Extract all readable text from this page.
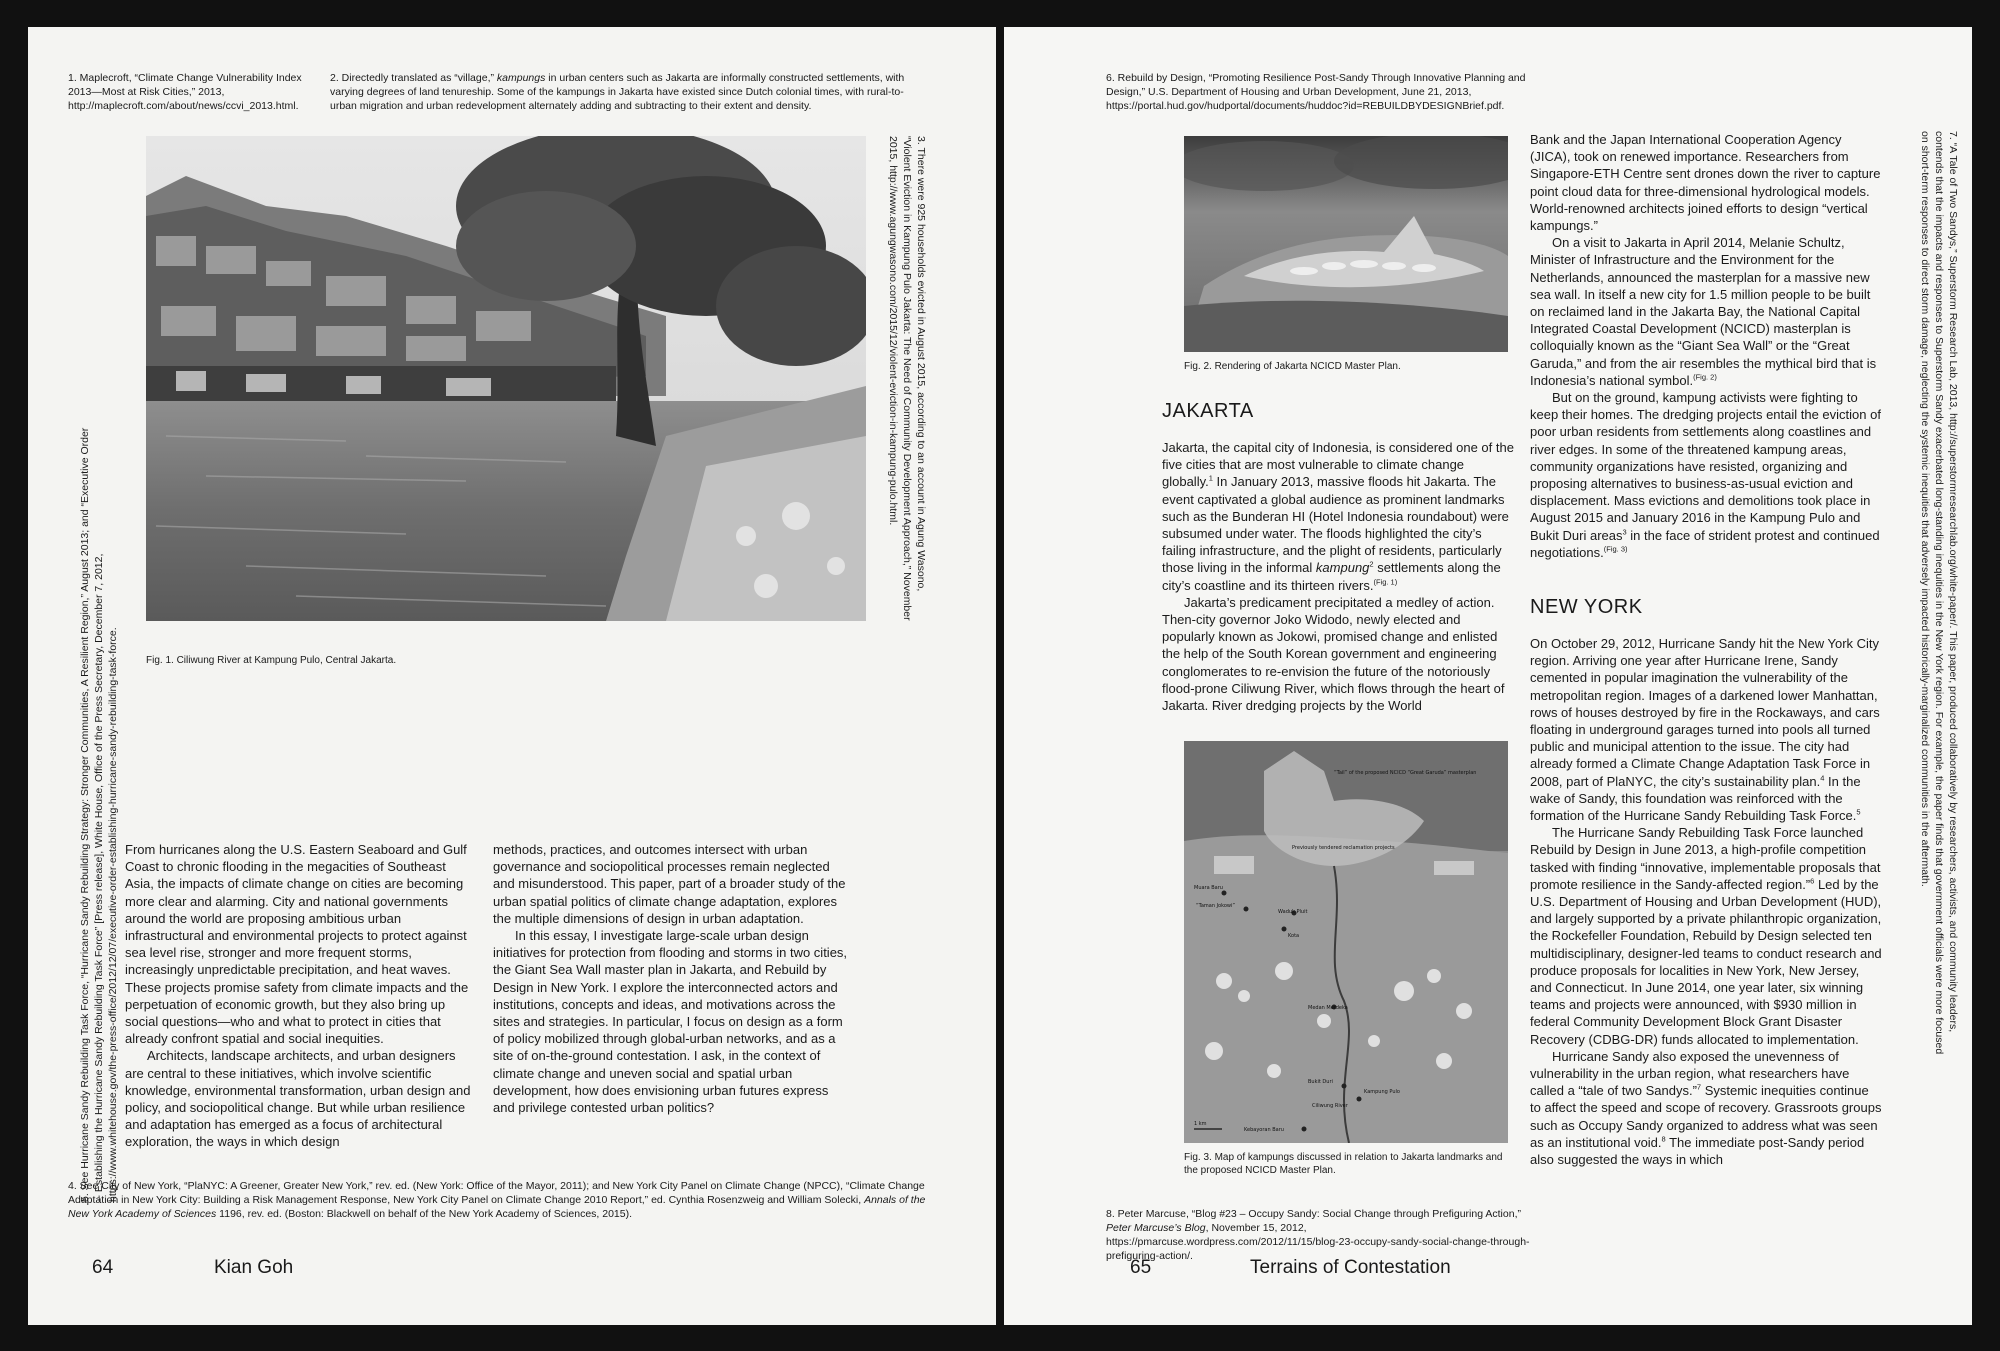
1. Maplecroft, “Climate Change Vulnerability Index 2013—Most at Risk Cities,” 2013, http://maplecroft.com/about/news/ccvi_2013.html.
2. Directedly translated as “village,” kampungs in urban centers such as Jakarta are informally constructed settlements, with varying degrees of land tenureship. Some of the kampungs in Jakarta have existed since Dutch colonial times, with rural-to-urban migration and urban redevelopment alternately adding and subtracting to their extent and density.
Fig. 1. Ciliwung River at Kampung Pulo, Central Jakarta.
3. There were 925 households evicted in August 2015, according to an account in Agung Wasono, “Violent Eviction in Kampung Pulo Jakarta: The Need of Community Development Approach,” November 2015, http://www.agungwasono.com/2015/12/violent-eviction-in-kampung-pulo.html.
5. See Hurricane Sandy Rebuilding Task Force, “Hurricane Sandy Rebuilding Strategy: Stronger Communities, A Resilient Region,” August 2013; and “Executive Order -- Establishing the Hurricane Sandy Rebuilding Task Force” [Press release], White House, Office of the Press Secretary, December 7, 2012, https://www.whitehouse.gov/the-press-office/2012/12/07/executive-order-establishing-hurricane-sandy-rebuilding-task-force. From hurricanes along the U.S. Eastern Seaboard and Gulf Coast to chronic flooding in the megacities of Southeast Asia, the impacts of climate change on cities are becoming more clear and alarming. City and national governments around the world are proposing ambitious urban infrastructural and environmental projects to protect against sea level rise, stronger and more frequent storms, increasingly unpredictable precipitation, and heat waves. These projects promise safety from climate impacts and the perpetuation of economic growth, but they also bring up social questions—who and what to protect in cities that already confront spatial and social inequities.

Architects, landscape architects, and urban designers are central to these initiatives, which involve scientific knowledge, environmental transformation, urban design and policy, and sociopolitical change. But while urban resilience and adaptation has emerged as a focus of architectural exploration, the ways in which design

methods, practices, and outcomes intersect with urban governance and sociopolitical processes remain neglected and misunderstood. This paper, part of a broader study of the urban spatial politics of climate change adaptation, explores the multiple dimensions of design in urban adaptation.

In this essay, I investigate large-scale urban design initiatives for protection from flooding and storms in two cities, the Giant Sea Wall master plan in Jakarta, and Rebuild by Design in New York. I explore the interconnected actors and institutions, concepts and ideas, and motivations across the sites and strategies. In particular, I focus on design as a form of policy mobilized through global-urban networks, and as a site of on-the-ground contestation. I ask, in the context of climate change and uneven social and spatial urban development, how does envisioning urban futures express and privilege contested urban politics?

4. See City of New York, “PlaNYC: A Greener, Greater New York,” rev. ed. (New York: Office of the Mayor, 2011); and New York City Panel on Climate Change (NPCC), “Climate Change Adaptation in New York City: Building a Risk Management Response, New York City Panel on Climate Change 2010 Report,” ed. Cynthia Rosenzweig and William Solecki, Annals of the New York Academy of Sciences 1196, rev. ed. (Boston: Blackwell on behalf of the New York Academy of Sciences, 2015).
64	Kian Goh
6. Rebuild by Design, “Promoting Resilience Post-Sandy Through Innovative Planning and Design,” U.S. Department of Housing and Urban Development, June 21, 2013, https://portal.hud.gov/hudportal/documents/huddoc?id=REBUILDBYDESIGNBrief.pdf.
Fig. 2. Rendering of Jakarta NCICD Master Plan.
JAKARTA

Jakarta, the capital city of Indonesia, is considered one of the five cities that are most vulnerable to climate change globally.$^1$ In January 2013, massive floods hit Jakarta. The event captivated a global audience as prominent landmarks such as the Bunderan HI (Hotel Indonesia roundabout) were subsumed under water. The floods highlighted the city’s failing infrastructure, and the plight of residents, particularly those living in the informal kampung$^2$ settlements along the city’s coastline and its thirteen rivers.$^{(Fig. 1)}$

Jakarta’s predicament precipitated a medley of action. Then-city governor Joko Widodo, newly elected and popularly known as Jokowi, promised change and enlisted the help of the South Korean government and engineering conglomerates to re-envision the future of the notoriously flood-prone Ciliwung River, which flows through the heart of Jakarta. River dredging projects by the World

“Tail” of the proposed NCICD “Great Garuda” masterplan
Previously tendered reclamation projects
Muara Baru
“Taman Jokowi”
Waduk Pluit
Kota
Medan Merdeka
Bukit Duri
Kampung Pulo
Ciliwung River
Kebayoran Baru
1 km
Fig. 3. Map of kampungs discussed in relation to Jakarta landmarks and the proposed NCICD Master Plan.

Bank and the Japan International Cooperation Agency (JICA), took on renewed importance. Researchers from Singapore-ETH Centre sent drones down the river to capture point cloud data for three-dimensional hydrological models. World-renowned architects joined efforts to design “vertical kampungs.”

On a visit to Jakarta in April 2014, Melanie Schultz, Minister of Infrastructure and the Environment for the Netherlands, announced the masterplan for a massive new sea wall. In itself a new city for 1.5 million people to be built on reclaimed land in the Jakarta Bay, the National Capital Integrated Coastal Development (NCICD) masterplan is colloquially known as the “Giant Sea Wall” or the “Great Garuda,” and from the air resembles the mythical bird that is Indonesia’s national symbol.$^{(Fig. 2)}$

But on the ground, kampung activists were fighting to keep their homes. The dredging projects entail the eviction of poor urban residents from settlements along coastlines and river edges. In some of the threatened kampung areas, community organizations have resisted, organizing and proposing alternatives to business-as-usual eviction and displacement. Mass evictions and demolitions took place in August 2015 and January 2016 in the Kampung Pulo and Bukit Duri areas$^3$ in the face of strident protest and continued negotiations.$^{(Fig. 3)}$

NEW YORK

On October 29, 2012, Hurricane Sandy hit the New York City region. Arriving one year after Hurricane Irene, Sandy cemented in popular imagination the vulnerability of the metropolitan region. Images of a darkened lower Manhattan, rows of houses destroyed by fire in the Rockaways, and cars floating in underground garages turned into pools all turned public and municipal attention to the issue. The city had already formed a Climate Change Adaptation Task Force in 2008, part of PlaNYC, the city’s sustainability plan.$^4$ In the wake of Sandy, this foundation was reinforced with the formation of the Hurricane Sandy Rebuilding Task Force.$^5$

The Hurricane Sandy Rebuilding Task Force launched Rebuild by Design in June 2013, a high-profile competition tasked with finding “innovative, implementable proposals that promote resilience in the Sandy-affected region.”$^6$ Led by the U.S. Department of Housing and Urban Development (HUD), and largely supported by a private philanthropic organization, the Rockefeller Foundation, Rebuild by Design selected ten multidisciplinary, designer-led teams to conduct research and produce proposals for localities in New York, New Jersey, and Connecticut. In June 2014, one year later, six winning teams and projects were announced, with $930 million in federal Community Development Block Grant Disaster Recovery (CDBG-DR) funds allocated to implementation.

Hurricane Sandy also exposed the unevenness of vulnerability in the urban region, what researchers have called a “tale of two Sandys.”$^7$ Systemic inequities continue to affect the speed and scope of recovery. Grassroots groups such as Occupy Sandy organized to address what was seen as an institutional void.$^8$ The immediate post-Sandy period also suggested the ways in which

7. “A Tale of Two Sandys,” Superstorm Research Lab, 2013, http://superstormresearchlab.org/white-paper/. This paper, produced collaboratively by researchers, activists, and community leaders, contends that the impacts and responses to Superstorm Sandy exacerbated long-standing inequities in the New York region. For example, the paper finds that government officials were more focused on short-term responses to direct storm damage, neglecting the systemic inequities that adversely impacted historically-marginalized communities in the aftermath.
8. Peter Marcuse, “Blog #23 – Occupy Sandy: Social Change through Prefiguring Action,” Peter Marcuse’s Blog, November 15, 2012, https://pmarcuse.wordpress.com/2012/11/15/blog-23-occupy-sandy-social-change-through-prefiguring-action/.
65	Terrains of Contestation
